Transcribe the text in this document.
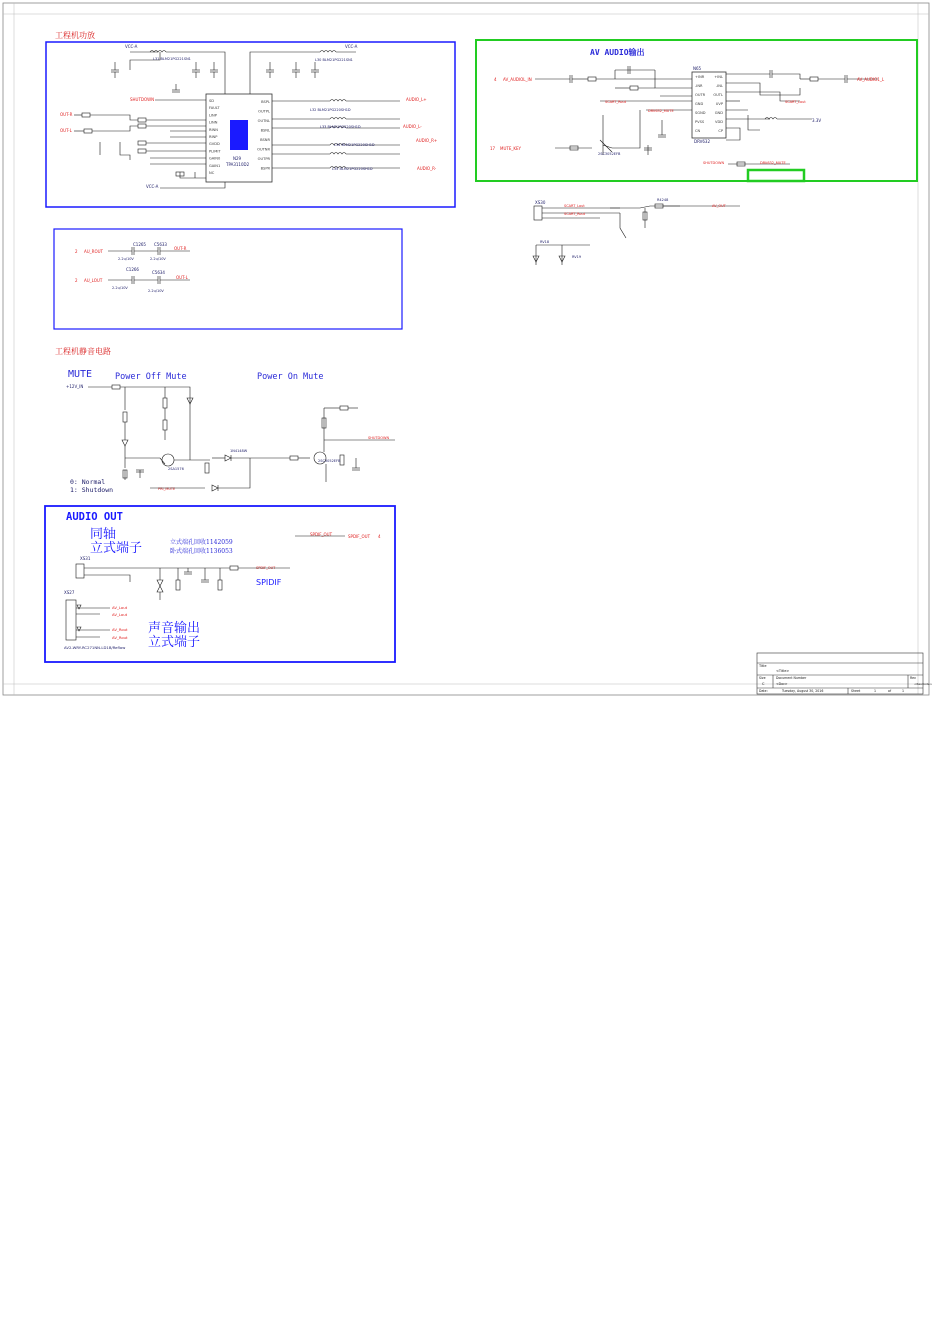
工程机功放
工程机静音电路
AV AUDIO输出
N29
TPA3110D2
SD
FAULT
LINP
LINN
RINN
RINP
GVDD
PLIMIT
GAIN0
GAIN1
NC
BSPL
OUTPL
OUTNL
BSNL
BSNR
OUTNR
OUTPR
BSPR
VCC-A	VCC-A
VCC-A
L31 BLM21PG221SN1	L30 BLM21PG221SN1
SHUTDOWN
OUT-R
OUT-L
AUDIO_L+
AUDIO_L-
AUDIO_R+
AUDIO_R-
L32 BLM21PG220SH1D
L33 BLM21PG220SH1D
L34 BLM21PG220SH1D
L35 BLM21PG220SH1D
2
2
AU_ROUT
AU_LOUT
C1265
2.2u/10V
C5633
2.2u/10V
C1266
2.2u/10V
C5634
2.2u/10V
OUT-R
OUT-L
N65
DRV632
+INR
-INR
OUTR
GND
SGND
PVSS
CN
+INL
-INL
OUTL
UVP
GND
VDD
CP
4 AV_AUDIOL_IN	AV_AUDIO1_L
17 MUTE_KEY
DRV632_MUTE
DRV632_MUTE
SHUTDOWN
SCART_Rout	SCART_Lout
3.3V
2SC3052EFB
XS30
SCART_Lout
SCART_Rout
AV_OUT
RV18
RV19
R4248
MUTE	Power Off Mute	Power On Mute
0: Normal
1: Shutdown
+12V_IN
PRI_MUTE
SHUTDOWN
1N4148W
2SA1576
2SC3052EFB
AUDIO OUT
同轴 立式端子	立式端孔回收1142059
卧式端孔回收1136053
SPIDIF
SPDIF_OUT	SPDIF_OUT 4
SPDIF_OUT
声音输出 立式端子
XS31
XS27
AV2-WRY-RC271NN-LD1B/Reflow
AV_Lout
AV_Lout
AV_Rout
AV_Rout
Title
<Title>
Size
C
Document Number
<Doc>
Rev
<RevCode>
Date:	Tuesday, August 30, 2016	Sheet	1	of	1
